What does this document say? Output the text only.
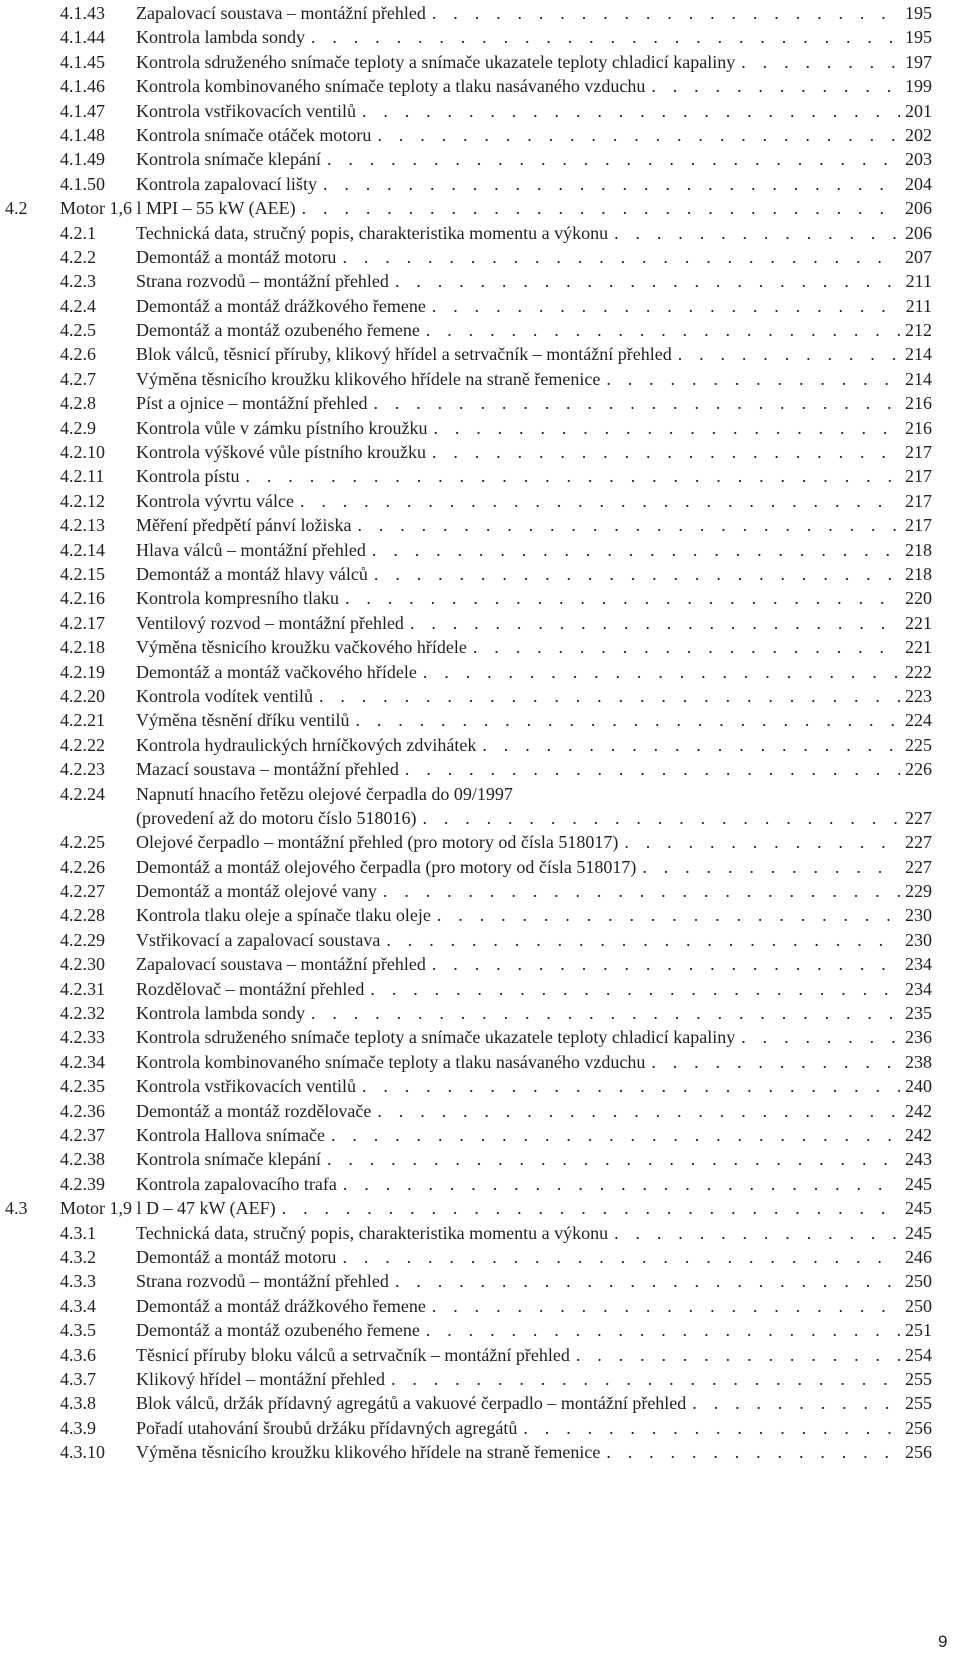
4.1.43 Zapalovací soustava – montážní přehled . . .	195
4.1.44 Kontrola lambda sondy . . .	195
4.1.45 Kontrola sdruženého snímače teploty a snímače ukazatele teploty chladicí kapaliny . . .	197
4.1.46 Kontrola kombinovaného snímače teploty a tlaku nasávaného vzduchu . . .	199
4.1.47 Kontrola vstřikovacích ventilů . . .	201
4.1.48 Kontrola snímače otáček motoru . . .	202
4.1.49 Kontrola snímače klepání . . .	203
4.1.50 Kontrola zapalovací lišty . . .	204
4.2 Motor 1,6 l MPI – 55 kW (AEE) . . .	206
4.2.1 Technická data, stručný popis, charakteristika momentu a výkonu . . .	206
4.2.2 Demontáž a montáž motoru . . .	207
4.2.3 Strana rozvodů – montážní přehled . . .	211
4.2.4 Demontáž a montáž drážkového řemene . . .	211
4.2.5 Demontáž a montáž ozubeného řemene . . .	212
4.2.6 Blok válců, těsnicí příruby, klikový hřídel a setrvačník – montážní přehled . . .	214
4.2.7 Výměna těsnicího kroužku klikového hřídele na straně řemenice . . .	214
4.2.8 Píst a ojnice – montážní přehled . . .	216
4.2.9 Kontrola vůle v zámku pístního kroužku . . .	216
4.2.10 Kontrola výškové vůle pístního kroužku . . .	217
4.2.11 Kontrola pístu . . .	217
4.2.12 Kontrola vývrtu válce . . .	217
4.2.13 Měření předpětí pánví ložiska . . .	217
4.2.14 Hlava válců – montážní přehled . . .	218
4.2.15 Demontáž a montáž hlavy válců . . .	218
4.2.16 Kontrola kompresního tlaku . . .	220
4.2.17 Ventilový rozvod – montážní přehled . . .	221
4.2.18 Výměna těsnicího kroužku vačkového hřídele . . .	221
4.2.19 Demontáž a montáž vačkového hřídele . . .	222
4.2.20 Kontrola vodítek ventilů . . .	223
4.2.21 Výměna těsnění dříku ventilů . . .	224
4.2.22 Kontrola hydraulických hrníčkových zdvihátek . . .	225
4.2.23 Mazací soustava – montážní přehled . . .	226
4.2.24 Napnutí hnacího řetězu olejové čerpadla do 09/1997
(provedení až do motoru číslo 518016) . . .	227
4.2.25 Olejové čerpadlo – montážní přehled (pro motory od čísla 518017) . . .	227
4.2.26 Demontáž a montáž olejového čerpadla (pro motory od čísla 518017) . . .	227
4.2.27 Demontáž a montáž olejové vany . . .	229
4.2.28 Kontrola tlaku oleje a spínače tlaku oleje . . .	230
4.2.29 Vstřikovací a zapalovací soustava . . .	230
4.2.30 Zapalovací soustava – montážní přehled . . .	234
4.2.31 Rozdělovač – montážní přehled . . .	234
4.2.32 Kontrola lambda sondy . . .	235
4.2.33 Kontrola sdruženého snímače teploty a snímače ukazatele teploty chladicí kapaliny . . .	236
4.2.34 Kontrola kombinovaného snímače teploty a tlaku nasávaného vzduchu . . .	238
4.2.35 Kontrola vstřikovacích ventilů . . .	240
4.2.36 Demontáž a montáž rozdělovače . . .	242
4.2.37 Kontrola Hallova snímače . . .	242
4.2.38 Kontrola snímače klepání . . .	243
4.2.39 Kontrola zapalovacího trafa . . .	245
4.3 Motor 1,9 l D – 47 kW (AEF) . . .	245
4.3.1 Technická data, stručný popis, charakteristika momentu a výkonu . . .	245
4.3.2 Demontáž a montáž motoru . . .	246
4.3.3 Strana rozvodů – montážní přehled . . .	250
4.3.4 Demontáž a montáž drážkového řemene . . .	250
4.3.5 Demontáž a montáž ozubeného řemene . . .	251
4.3.6 Těsnicí příruby bloku válců a setrvačník – montážní přehled . . .	254
4.3.7 Klikový hřídel – montážní přehled . . .	255
4.3.8 Blok válců, držák přídavný agregátů a vakuové čerpadlo – montážní přehled . . .	255
4.3.9 Pořadí utahování šroubů držáku přídavných agregátů . . .	256
4.3.10 Výměna těsnicího kroužku klikového hřídele na straně řemenice . . .	256
9
